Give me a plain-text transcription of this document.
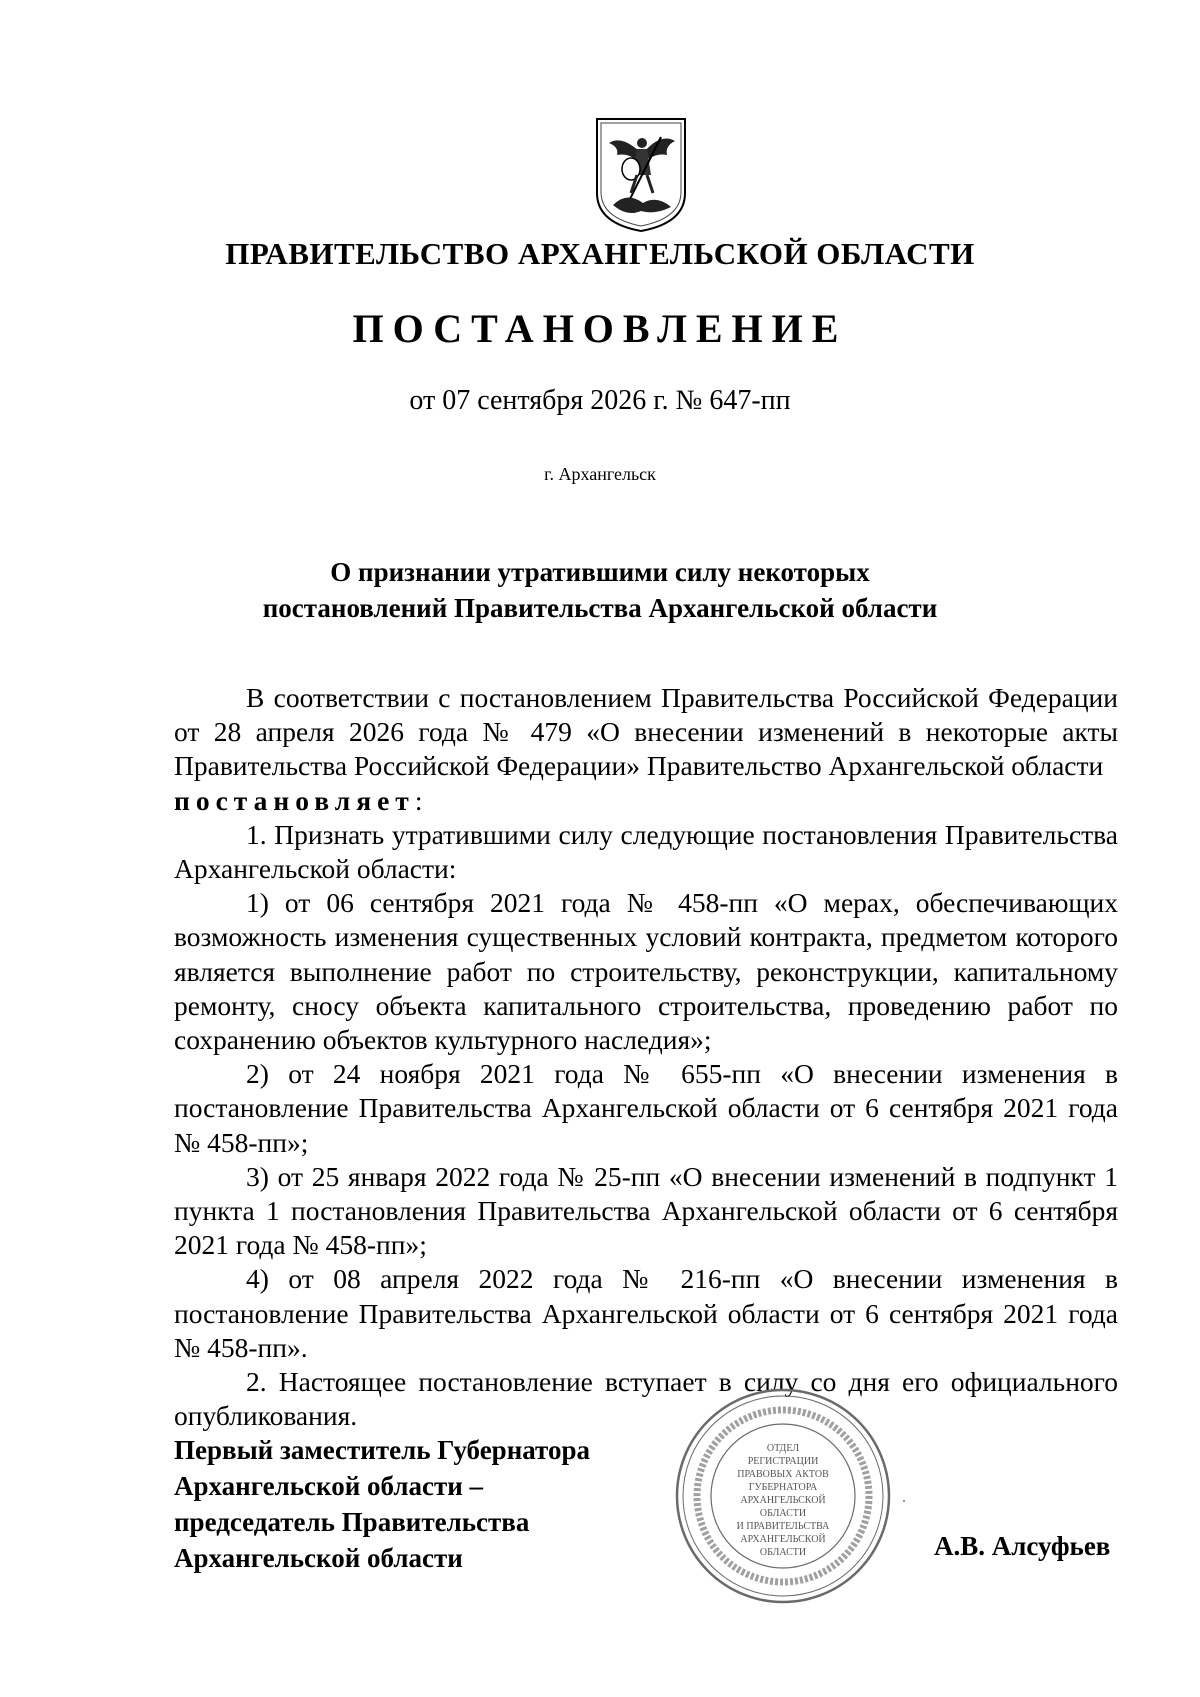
ПРАВИТЕЛЬСТВО АРХАНГЕЛЬСКОЙ ОБЛАСТИ
ПОСТАНОВЛЕНИЕ
от 07 сентября 2026 г. № 647-пп
г. Архангельск
О признании утратившими силу некоторых
постановлений Правительства Архангельской области

В соответствии с постановлением Правительства Российской Федерации от 28 апреля 2026 года № 479 «О внесении изменений в некоторые акты Правительства Российской Федерации» Правительство Архангельской области
постановляет:

1. Признать утратившими силу следующие постановления Правительства Архангельской области:

1) от 06 сентября 2021 года № 458-пп «О мерах, обеспечивающих возможность изменения существенных условий контракта, предметом которого является выполнение работ по строительству, реконструкции, капитальному ремонту, сносу объекта капитального строительства, проведению работ по сохранению объектов культурного наследия»;

2) от 24 ноября 2021 года № 655-пп «О внесении изменения в постановление Правительства Архангельской области от 6 сентября 2021 года № 458-пп»;

3) от 25 января 2022 года № 25-пп «О внесении изменений в подпункт 1 пункта 1 постановления Правительства Архангельской области от 6 сентября 2021 года № 458-пп»;

4) от 08 апреля 2022 года № 216-пп «О внесении изменения в постановление Правительства Архангельской области от 6 сентября 2021 года № 458-пп».

2. Настоящее постановление вступает в силу со дня его официального опубликования.

Первый заместитель Губернатора
Архангельской области –
председатель Правительства
Архангельской области
ОТДЕЛ
РЕГИСТРАЦИИ
ПРАВОВЫХ АКТОВ
ГУБЕРНАТОРА
АРХАНГЕЛЬСКОЙ
ОБЛАСТИ
И ПРАВИТЕЛЬСТВА
АРХАНГЕЛЬСКОЙ
ОБЛАСТИ	А.В. Алсуфьев
